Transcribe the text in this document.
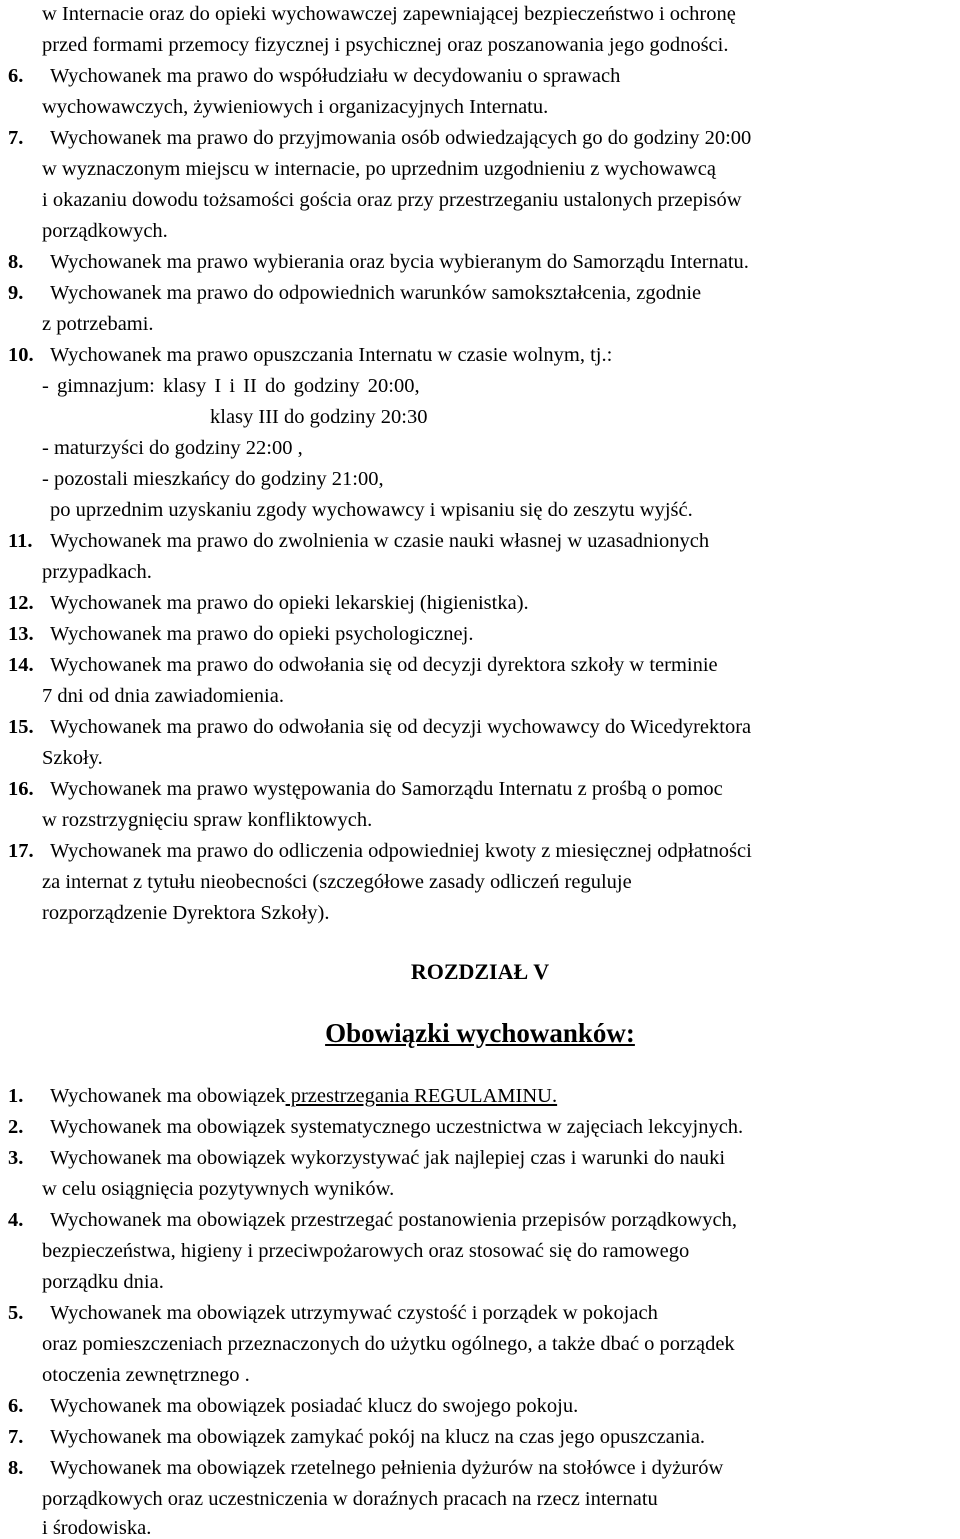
w Internacie oraz do opieki wychowawczej zapewniającej bezpieczeństwo i ochronę
przed formami przemocy fizycznej i psychicznej oraz poszanowania jego godności.
6. Wychowanek ma prawo do współudziału w decydowaniu o sprawach
wychowawczych, żywieniowych i organizacyjnych Internatu.
7. Wychowanek ma prawo do przyjmowania osób odwiedzających go do godziny 20:00
w wyznaczonym miejscu w internacie, po uprzednim uzgodnieniu z wychowawcą
i okazaniu dowodu tożsamości gościa oraz przy przestrzeganiu ustalonych przepisów
porządkowych.
8. Wychowanek ma prawo wybierania oraz bycia wybieranym do Samorządu Internatu.
9. Wychowanek ma prawo do odpowiednich warunków samokształcenia, zgodnie
z potrzebami.
10. Wychowanek ma prawo opuszczania Internatu w czasie wolnym, tj.:
- gimnazjum: klasy I i II do godziny 20:00,
klasy III do godziny 20:30
- maturzyści do godziny 22:00 ,
- pozostali mieszkańcy do godziny 21:00,
po uprzednim uzyskaniu zgody wychowawcy i wpisaniu się do zeszytu wyjść.
11. Wychowanek ma prawo do zwolnienia w czasie nauki własnej w uzasadnionych
przypadkach.
12. Wychowanek ma prawo do opieki lekarskiej (higienistka).
13. Wychowanek ma prawo do opieki psychologicznej.
14. Wychowanek ma prawo do odwołania się od decyzji dyrektora szkoły w terminie
7 dni od dnia zawiadomienia.
15. Wychowanek ma prawo do odwołania się od decyzji wychowawcy do Wicedyrektora
Szkoły.
16. Wychowanek ma prawo występowania do Samorządu Internatu z prośbą o pomoc
w rozstrzygnięciu spraw konfliktowych.
17. Wychowanek ma prawo do odliczenia odpowiedniej kwoty z miesięcznej odpłatności
za internat z tytułu nieobecności (szczegółowe zasady odliczeń reguluje
rozporządzenie Dyrektora Szkoły).
ROZDZIAŁ V
Obowiązki wychowanków:
1. Wychowanek ma obowiązek przestrzegania REGULAMINU.
2. Wychowanek ma obowiązek systematycznego uczestnictwa w zajęciach lekcyjnych.
3. Wychowanek ma obowiązek wykorzystywać jak najlepiej czas i warunki do nauki
w celu osiągnięcia pozytywnych wyników.
4. Wychowanek ma obowiązek przestrzegać postanowienia przepisów porządkowych,
bezpieczeństwa, higieny i przeciwpożarowych oraz stosować się do ramowego
porządku dnia.
5. Wychowanek ma obowiązek utrzymywać czystość i porządek w pokojach
oraz pomieszczeniach przeznaczonych do użytku ogólnego, a także dbać o porządek
otoczenia zewnętrznego .
6. Wychowanek ma obowiązek posiadać klucz do swojego pokoju.
7. Wychowanek ma obowiązek zamykać pokój na klucz na czas jego opuszczania.
8. Wychowanek ma obowiązek rzetelnego pełnienia dyżurów na stołówce i dyżurów
porządkowych oraz uczestniczenia w doraźnych pracach na rzecz internatu
i środowiska.
